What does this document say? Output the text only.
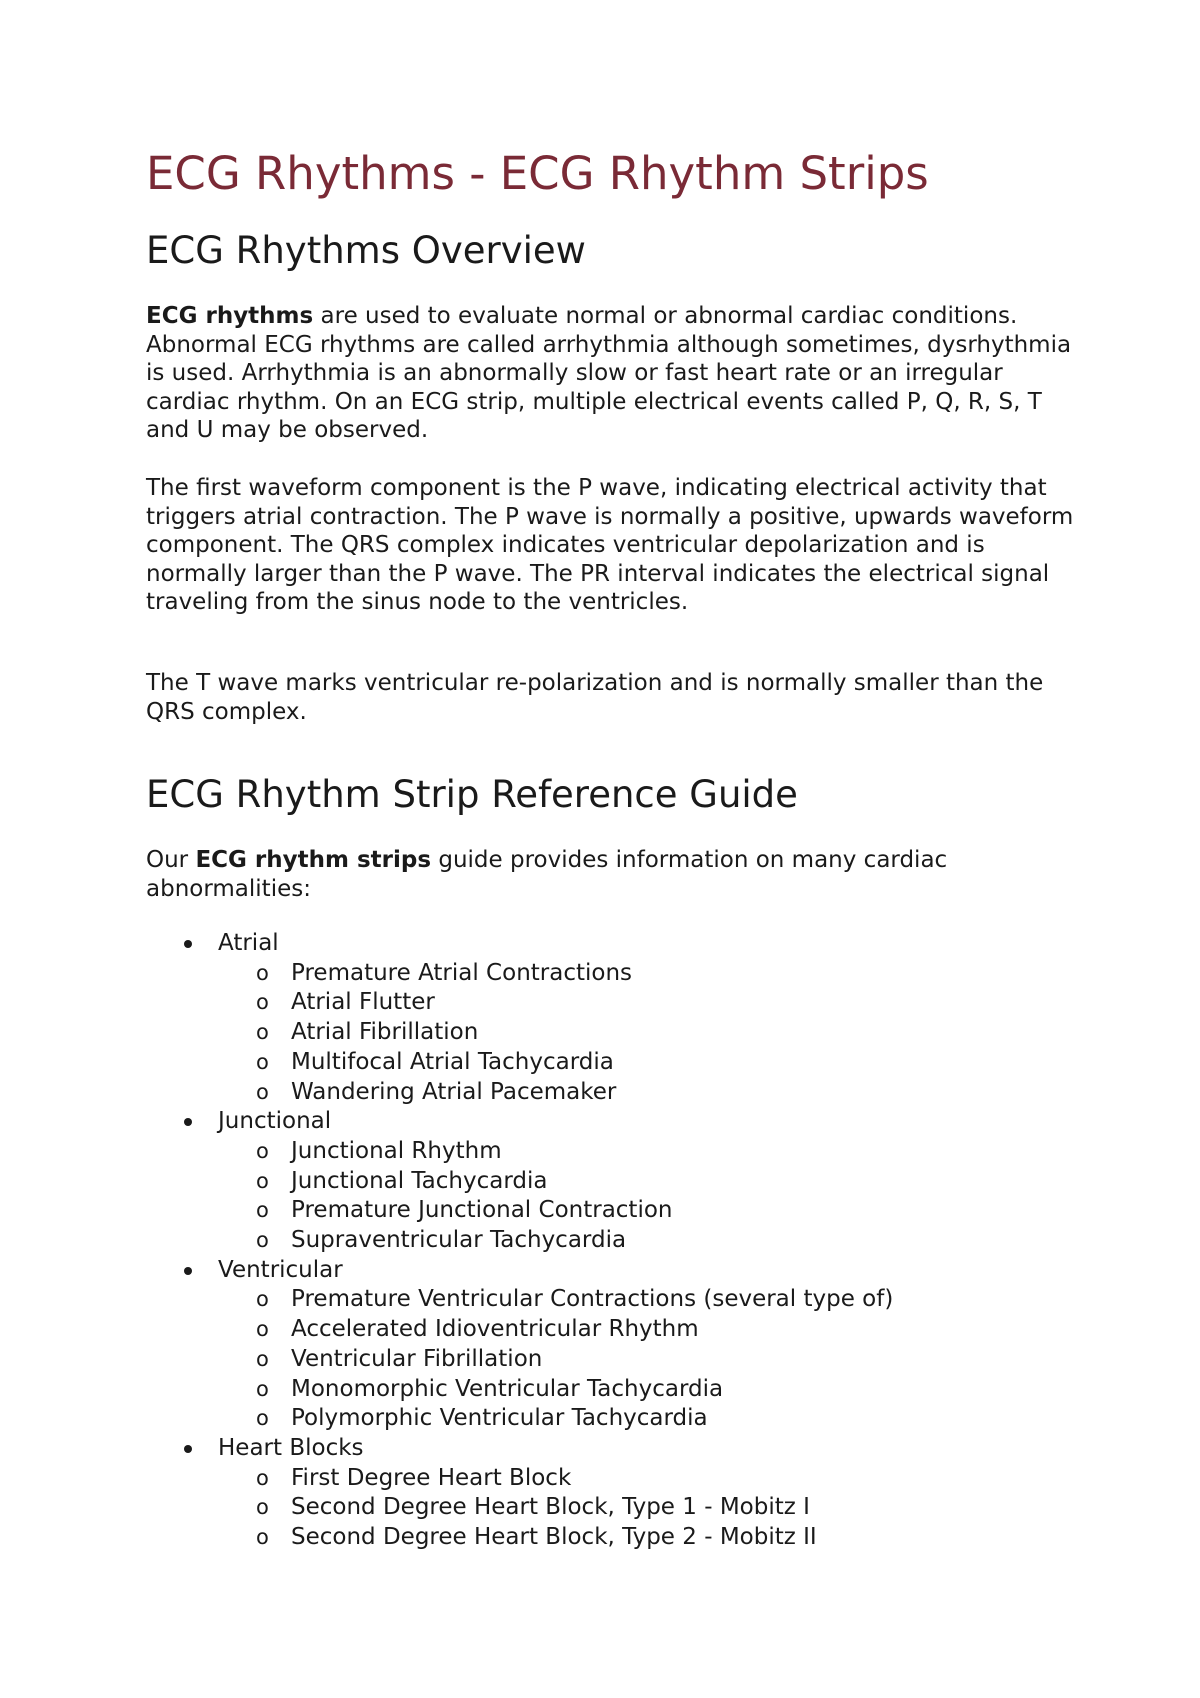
ECG Rhythms - ECG Rhythm Strips
ECG Rhythms Overview

ECG rhythms are used to evaluate normal or abnormal cardiac conditions. Abnormal ECG rhythms are called arrhythmia although sometimes, dysrhythmia is used. Arrhythmia is an abnormally slow or fast heart rate or an irregular cardiac rhythm. On an ECG strip, multiple electrical events called P, Q, R, S, T and U may be observed.

The first waveform component is the P wave, indicating electrical activity that triggers atrial contraction. The P wave is normally a positive, upwards waveform component. The QRS complex indicates ventricular depolarization and is normally larger than the P wave. The PR interval indicates the electrical signal traveling from the sinus node to the ventricles.

The T wave marks ventricular re-polarization and is normally smaller than the QRS complex.

ECG Rhythm Strip Reference Guide

Our ECG rhythm strips guide provides information on many cardiac abnormalities:

Atrial
o Premature Atrial Contractions
o Atrial Flutter
o Atrial Fibrillation
o Multifocal Atrial Tachycardia
o Wandering Atrial Pacemaker
Junctional
o Junctional Rhythm
o Junctional Tachycardia
o Premature Junctional Contraction
o Supraventricular Tachycardia
Ventricular
o Premature Ventricular Contractions (several type of)
o Accelerated Idioventricular Rhythm
o Ventricular Fibrillation
o Monomorphic Ventricular Tachycardia
o Polymorphic Ventricular Tachycardia
Heart Blocks
o First Degree Heart Block
o Second Degree Heart Block, Type 1 - Mobitz I
o Second Degree Heart Block, Type 2 - Mobitz II
